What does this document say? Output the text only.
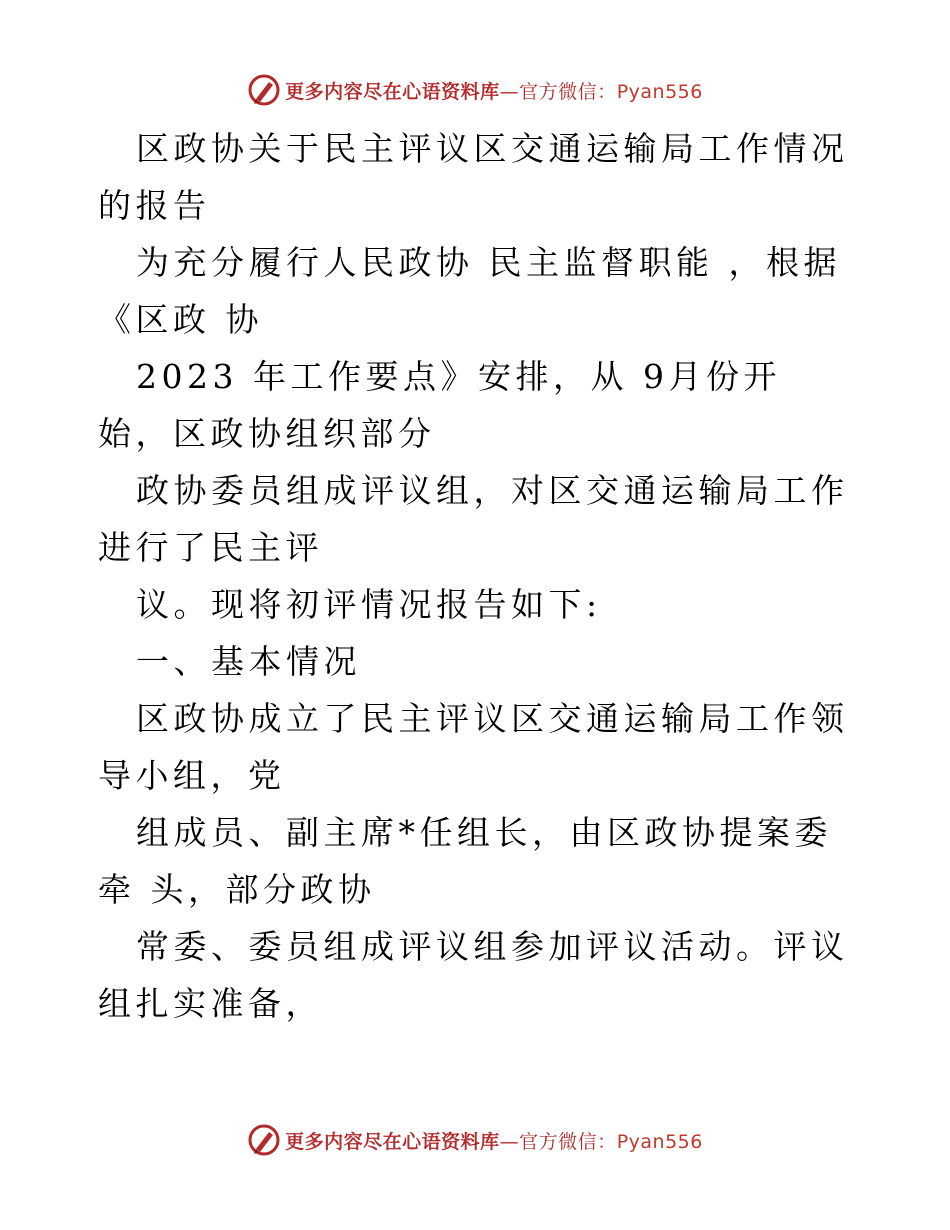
更多内容尽在心语资料库—官方微信：Pyan556

区政协关于民主评议区交通运输局工作情况的报告

为充分履行人民政协 民主监督职能 ，根据《区政 协

2023 年工作要点》安排，从 9月份开始，区政协组织部分

政协委员组成评议组，对区交通运输局工作进行了民主评

议。现将初评情况报告如下:

一、基本情况

区政协成立了民主评议区交通运输局工作领导小组，党

组成员、副主席*任组长，由区政协提案委牵 头，部分政协

常委、委员组成评议组参加评议活动。评议组扎实准备，

更多内容尽在心语资料库—官方微信：Pyan556
